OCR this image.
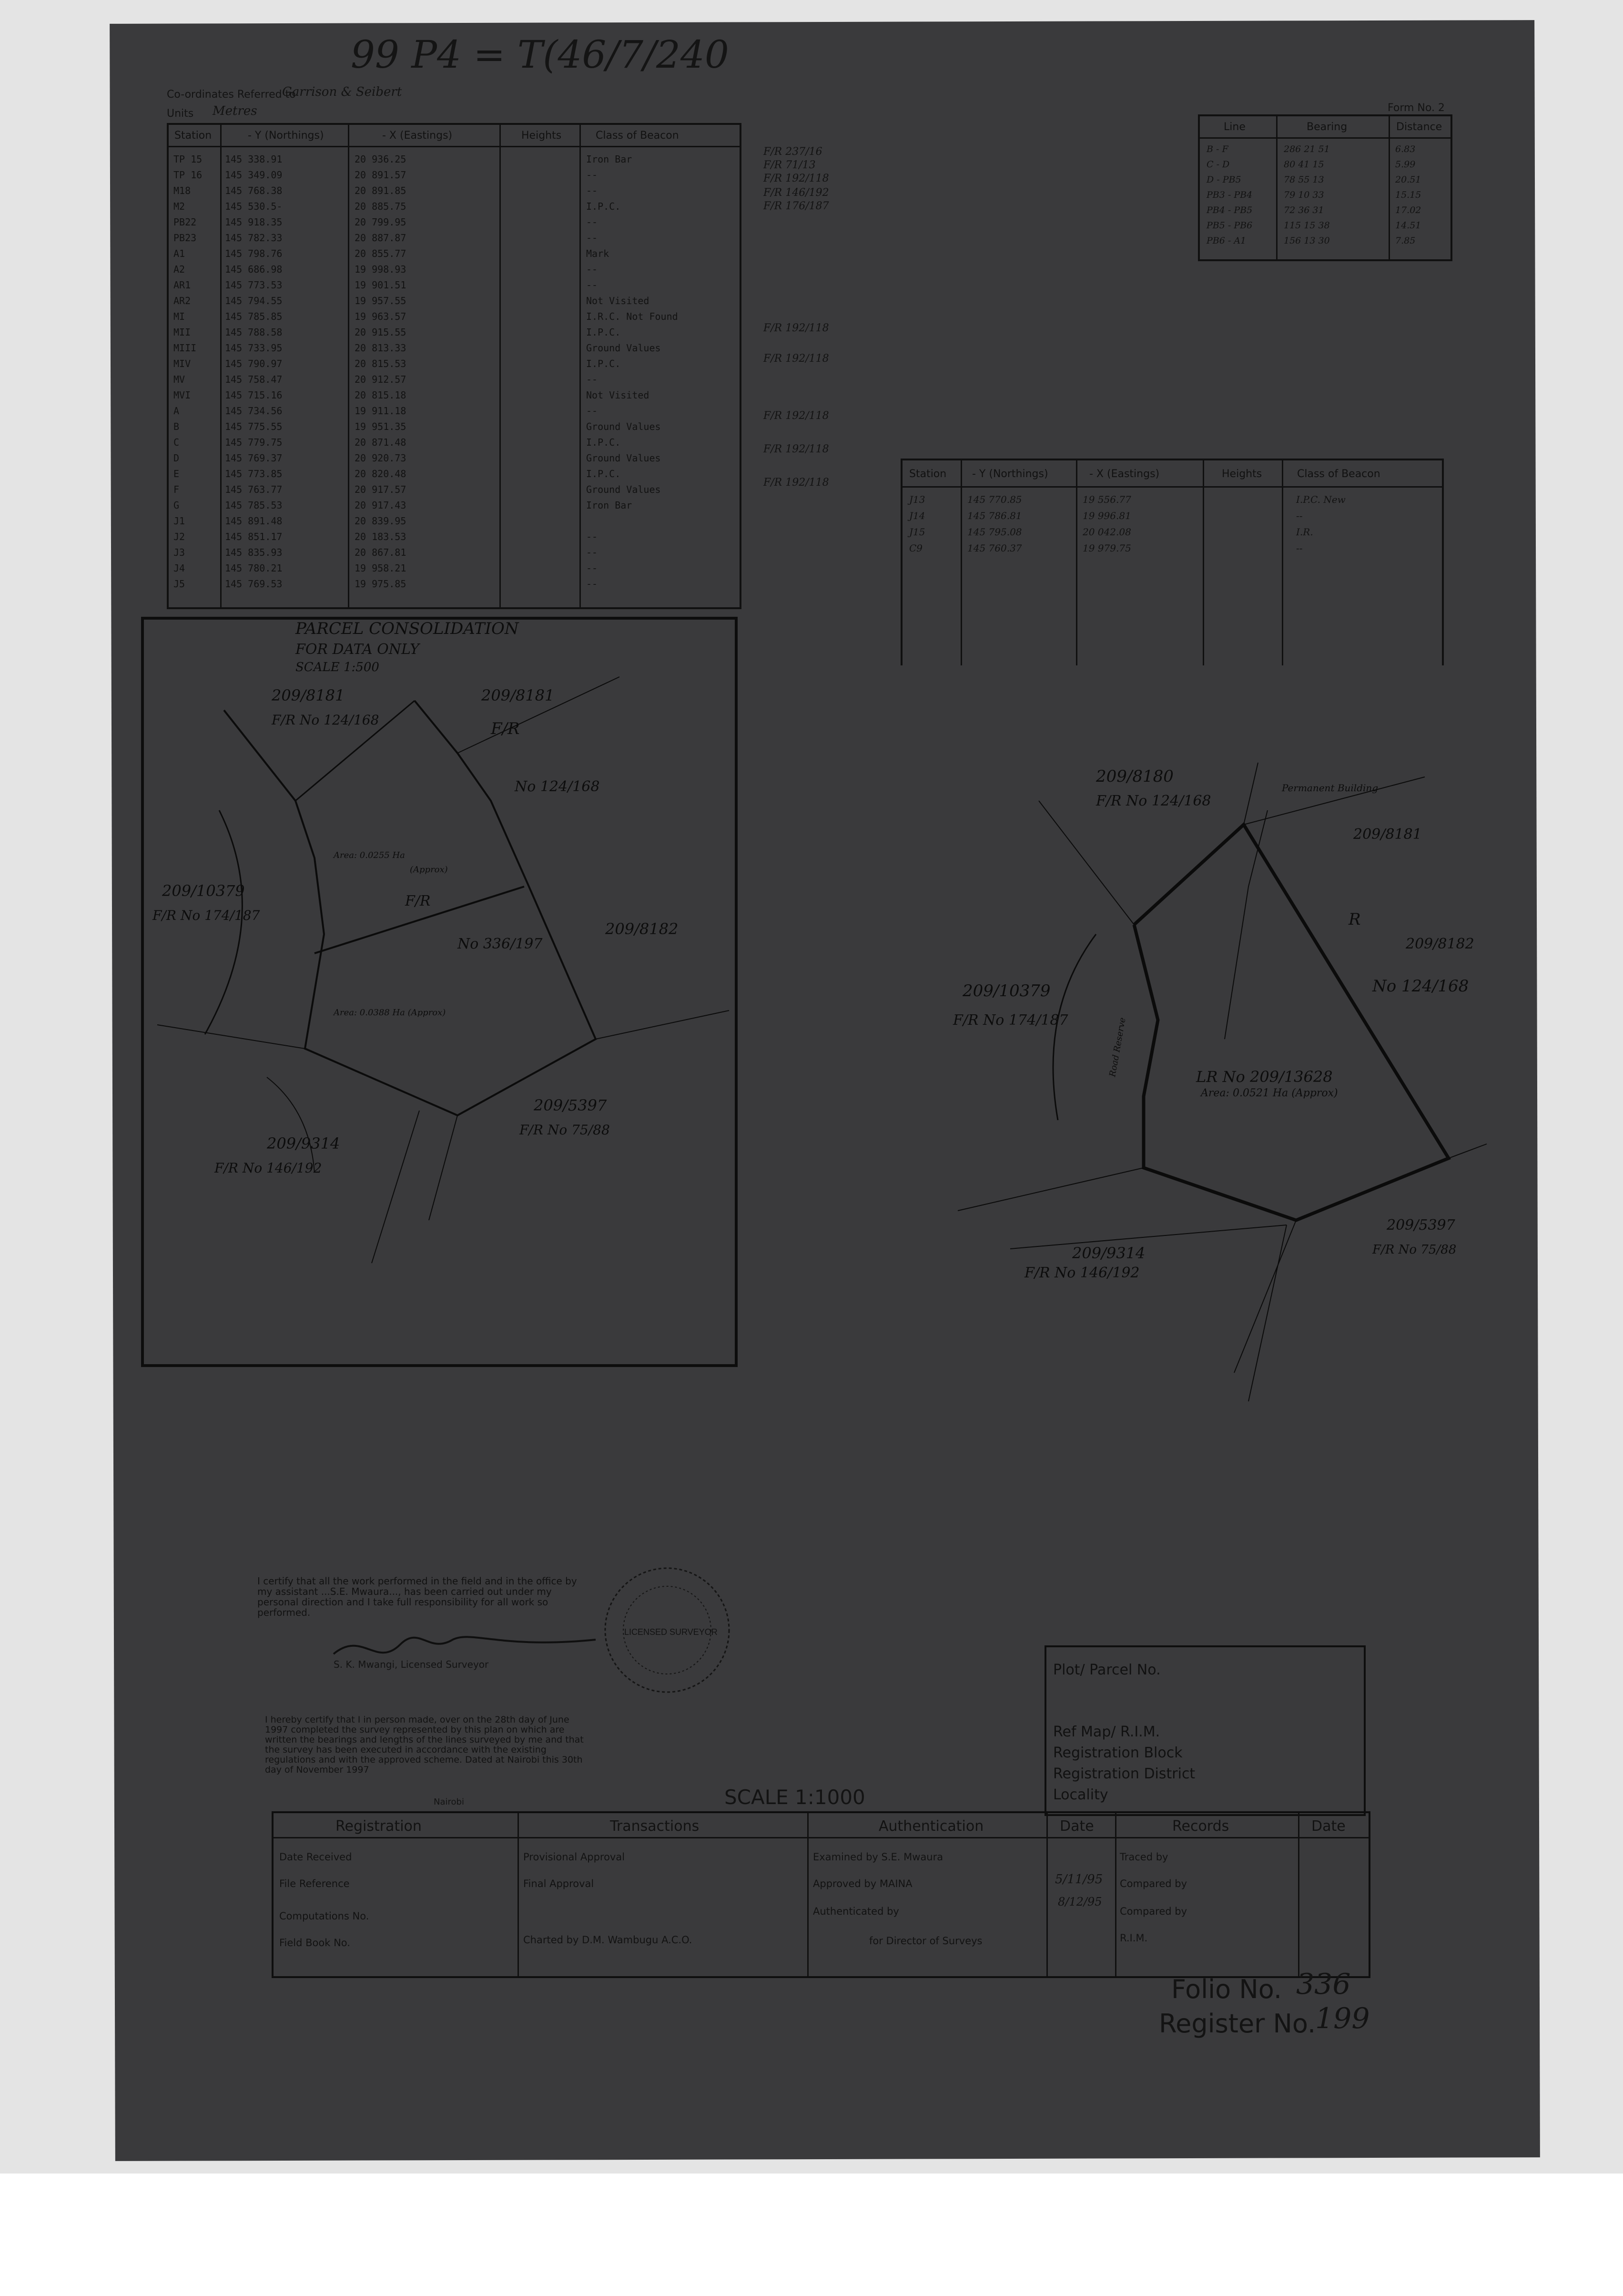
99 P4 = T(46/7/240
Co-ordinates Referred to
Garrison & Seibert
Units Metres
Station	- Y (Northings)	- X (Eastings)	Heights	Class of Beacon
TP 15 145 338.91	20 936.25	Iron Bar
TP 16 145 349.09	20 891.57	--
M18	145 768.38	20 891.85	--
M2	145 530.5-	20 885.75	I.P.C.
PB22	145 918.35	20 799.95	--
PB23	145 782.33	20 887.87	--
A1	145 798.76	20 855.77	Mark
A2	145 686.98	19 998.93	--
AR1	145 773.53	19 901.51	--
AR2	145 794.55	19 957.55	Not Visited
MI	145 785.85	19 963.57	I.R.C. Not Found
MII	145 788.58	20 915.55	I.P.C.
MIII	145 733.95	20 813.33	Ground Values
MIV	145 790.97	20 815.53	I.P.C.
MV	145 758.47	20 912.57	--
MVI	145 715.16	20 815.18	Not Visited
A	145 734.56	19 911.18	--
B	145 775.55	19 951.35	Ground Values
C	145 779.75	20 871.48	I.P.C.
D	145 769.37	20 920.73	Ground Values
E	145 773.85	20 820.48	I.P.C.
F	145 763.77	20 917.57	Ground Values
G	145 785.53	20 917.43	Iron Bar
J1	145 891.48	20 839.95
J2	145 851.17	20 183.53	--
J3	145 835.93	20 867.81	--
J4	145 780.21	19 958.21	--
J5	145 769.53	19 975.85	--
F/R 237/16
F/R 71/13
F/R 192/118
F/R 146/192
F/R 176/187
F/R 192/118
F/R 192/118
F/R 192/118
F/R 192/118
F/R 192/118
Form No. 2
Line	Bearing	Distance
B - F	286 21 51	6.83
C - D	80 41 15	5.99
D - PB5	78 55 13	20.51
PB3 - PB4	79 10 33	15.15
PB4 - PB5	72 36 31	17.02
PB5 - PB6	115 15 38	14.51
PB6 - A1	156 13 30	7.85
Station - Y (Northings)	- X (Eastings)	Heights	Class of Beacon
J13	145 770.85	19 556.77	I.P.C. New
J14	145 786.81	19 996.81	--
J15	145 795.08	20 042.08	I.R.
C9	145 760.37	19 979.75	--
PARCEL CONSOLIDATION
FOR DATA ONLY
SCALE 1:500
209/8181
F/R No 124/168
209/8181
F/R
No 124/168
209/8182
209/10379
F/R No 174/187
209/5397
F/R No 75/88
209/9314
F/R No 146/192
No 336/197
Area: 0.0255 Ha
(Approx)
Area: 0.0388 Ha (Approx)
F/R
209/8180
F/R No 124/168
Permanent Building
209/8181
R
No 124/168
209/8182
209/10379
F/R No 174/187
LR No 209/13628
Area: 0.0521 Ha (Approx)
209/5397
F/R No 75/88
209/9314
F/R No 146/192
Road Reserve
LICENSED SURVEYOR
I certify that all the work performed in the field and in the office by my assistant ...S.E. Mwaura..., has been carried out under my personal direction and I take full responsibility for all work so performed.
S. K. Mwangi, Licensed Surveyor
I hereby certify that I in person made, over on the 28th day of June 1997 completed the survey represented by this plan on which are written the bearings and lengths of the lines surveyed by me and that the survey has been executed in accordance with the existing regulations and with the approved scheme. Dated at Nairobi this 30th day of November 1997
Nairobi	SCALE 1:1000
Plot/ Parcel No.
Ref Map/ R.I.M.
Registration Block
Registration District
Locality
Registration	Transactions	Authentication	Date	Records	Date
Date Received
File Reference
Computations No.
Field Book No.
Provisional Approval
Final Approval
Charted by D.M. Wambugu A.C.O.
Examined by S.E. Mwaura
Approved by MAINA
Authenticated by
for Director of Surveys
5/11/95
8/12/95
Traced by
Compared by
Compared by
R.I.M.
Folio No. 336
Register No.
199
